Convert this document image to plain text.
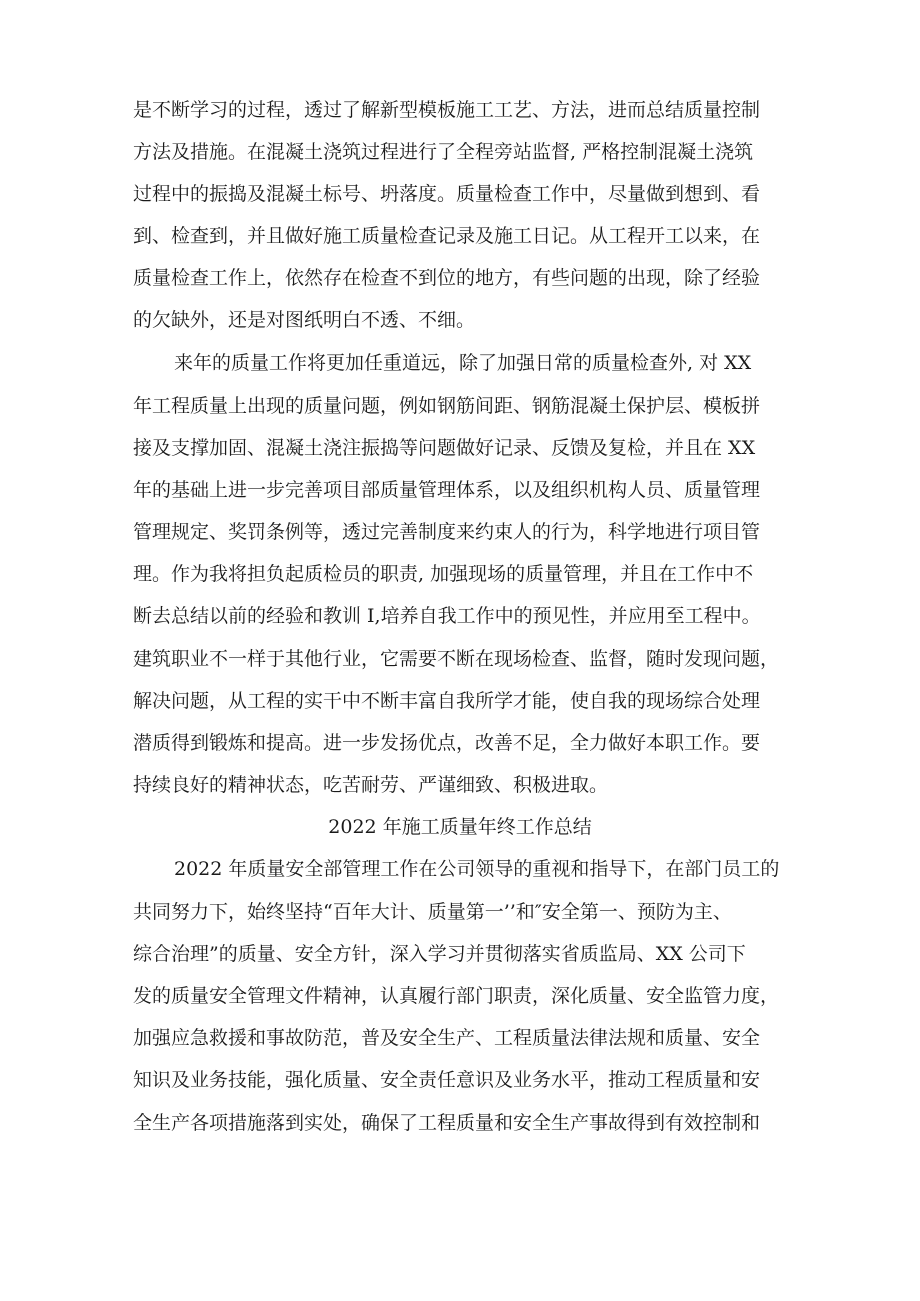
是不断学习的过程，透过了解新型模板施工工艺、方法，进而总结质量控制
方法及措施。在混凝土浇筑过程进行了全程旁站监督, 严格控制混凝土浇筑
过程中的振捣及混凝土标号、坍落度。质量检查工作中，尽量做到想到、看
到、检查到，并且做好施工质量检查记录及施工日记。从工程开工以来，在
质量检查工作上，依然存在检查不到位的地方，有些问题的出现，除了经验
的欠缺外，还是对图纸明白不透、不细。
来年的质量工作将更加任重道远，除了加强日常的质量检查外, 对 XX
年工程质量上出现的质量问题，例如钢筋间距、钢筋混凝土保护层、模板拼
接及支撑加固、混凝土浇注振捣等问题做好记录、反馈及复检，并且在 XX
年的基础上进一步完善项目部质量管理体系，以及组织机构人员、质量管理
管理规定、奖罚条例等，透过完善制度来约束人的行为，科学地进行项目管
理。作为我将担负起质检员的职责, 加强现场的质量管理，并且在工作中不
断去总结以前的经验和教训 I,培养自我工作中的预见性，并应用至工程中。
建筑职业不一样于其他行业，它需要不断在现场检查、监督，随时发现问题，
解决问题，从工程的实干中不断丰富自我所学才能，使自我的现场综合处理
潜质得到锻炼和提高。进一步发扬优点，改善不足，全力做好本职工作。要
持续良好的精神状态，吃苦耐劳、严谨细致、积极进取。
2022 年施工质量年终工作总结
2022 年质量安全部管理工作在公司领导的重视和指导下，在部门员工的
共同努力下，始终坚持“百年大计、质量第一’’和″安全第一、预防为主、
综合治理”的质量、安全方针，深入学习并贯彻落实省质监局、XX 公司下
发的质量安全管理文件精神，认真履行部门职责，深化质量、安全监管力度，
加强应急救援和事故防范，普及安全生产、工程质量法律法规和质量、安全
知识及业务技能，强化质量、安全责任意识及业务水平，推动工程质量和安
全生产各项措施落到实处，确保了工程质量和安全生产事故得到有效控制和
